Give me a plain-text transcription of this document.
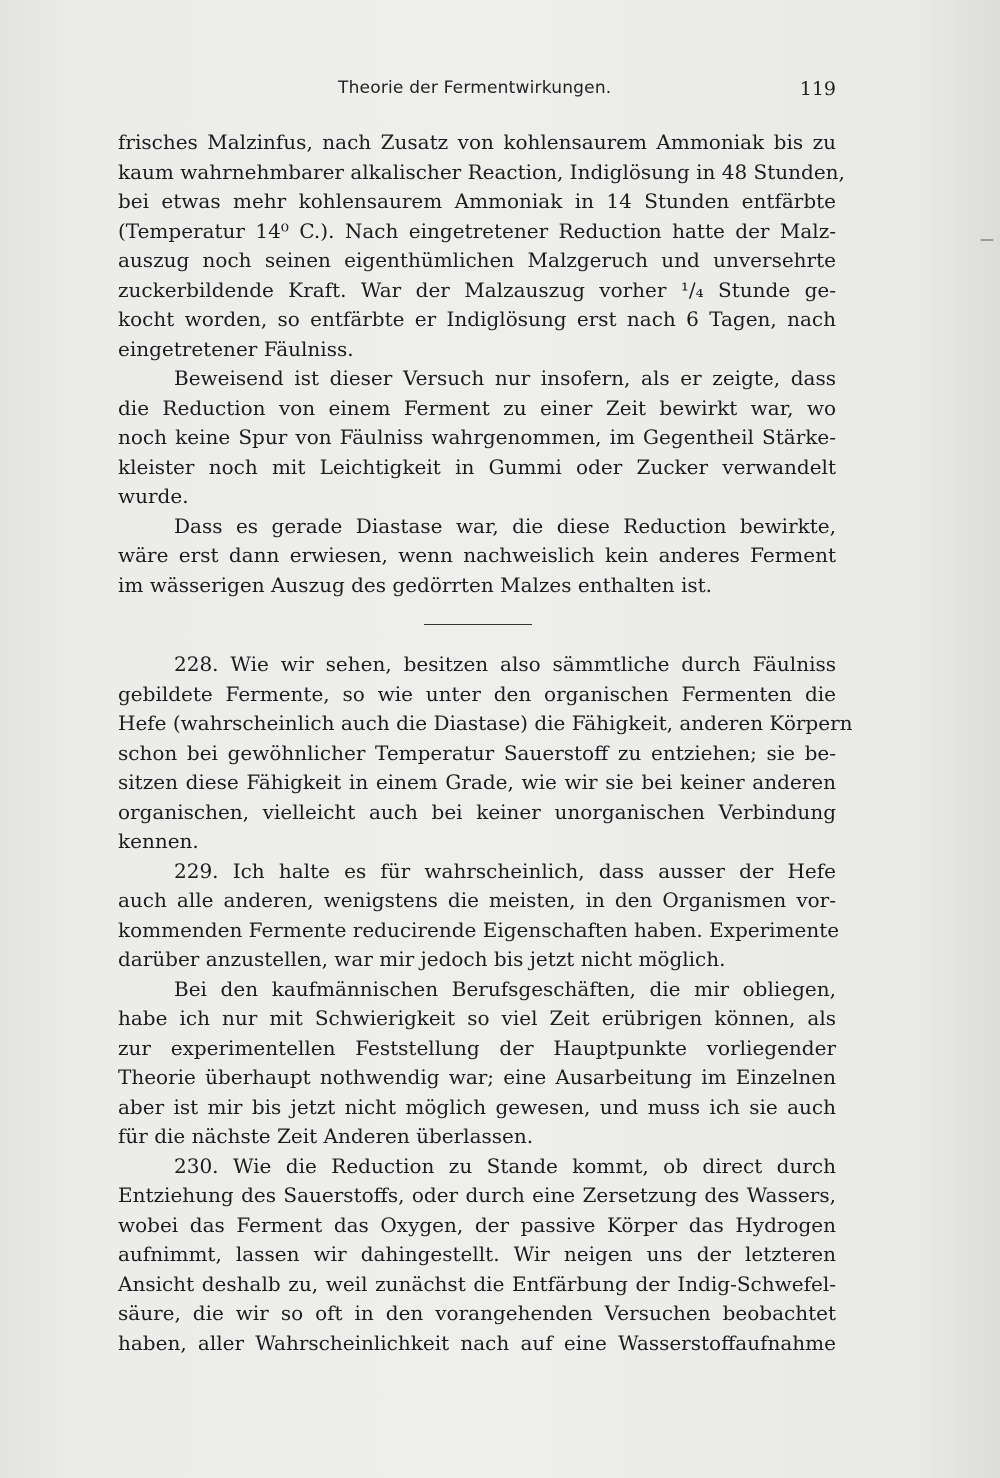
Theorie der Fermentwirkungen.	119
—
frisches Malzinfus, nach Zusatz von kohlensaurem Ammoniak bis zu
kaum wahrnehmbarer alkalischer Reaction, Indiglösung in 48 Stunden,
bei etwas mehr kohlensaurem Ammoniak in 14 Stunden entfärbte
(Temperatur 14⁰ C.). Nach eingetretener Reduction hatte der Malz-
auszug noch seinen eigenthümlichen Malzgeruch und unversehrte
zuckerbildende Kraft. War der Malzauszug vorher ¹/₄ Stunde ge-
kocht worden, so entfärbte er Indiglösung erst nach 6 Tagen, nach
eingetretener Fäulniss.
Beweisend ist dieser Versuch nur insofern, als er zeigte, dass
die Reduction von einem Ferment zu einer Zeit bewirkt war, wo
noch keine Spur von Fäulniss wahrgenommen, im Gegentheil Stärke-
kleister noch mit Leichtigkeit in Gummi oder Zucker verwandelt
wurde.
Dass es gerade Diastase war, die diese Reduction bewirkte,
wäre erst dann erwiesen, wenn nachweislich kein anderes Ferment
im wässerigen Auszug des gedörrten Malzes enthalten ist.
228. Wie wir sehen, besitzen also sämmtliche durch Fäulniss
gebildete Fermente, so wie unter den organischen Fermenten die
Hefe (wahrscheinlich auch die Diastase) die Fähigkeit, anderen Körpern
schon bei gewöhnlicher Temperatur Sauerstoff zu entziehen; sie be-
sitzen diese Fähigkeit in einem Grade, wie wir sie bei keiner anderen
organischen, vielleicht auch bei keiner unorganischen Verbindung
kennen.
229. Ich halte es für wahrscheinlich, dass ausser der Hefe
auch alle anderen, wenigstens die meisten, in den Organismen vor-
kommenden Fermente reducirende Eigenschaften haben. Experimente
darüber anzustellen, war mir jedoch bis jetzt nicht möglich.
Bei den kaufmännischen Berufsgeschäften, die mir obliegen,
habe ich nur mit Schwierigkeit so viel Zeit erübrigen können, als
zur experimentellen Feststellung der Hauptpunkte vorliegender
Theorie überhaupt nothwendig war; eine Ausarbeitung im Einzelnen
aber ist mir bis jetzt nicht möglich gewesen, und muss ich sie auch
für die nächste Zeit Anderen überlassen.
230. Wie die Reduction zu Stande kommt, ob direct durch
Entziehung des Sauerstoffs, oder durch eine Zersetzung des Wassers,
wobei das Ferment das Oxygen, der passive Körper das Hydrogen
aufnimmt, lassen wir dahingestellt. Wir neigen uns der letzteren
Ansicht deshalb zu, weil zunächst die Entfärbung der Indig-Schwefel-
säure, die wir so oft in den vorangehenden Versuchen beobachtet
haben, aller Wahrscheinlichkeit nach auf eine Wasserstoffaufnahme
